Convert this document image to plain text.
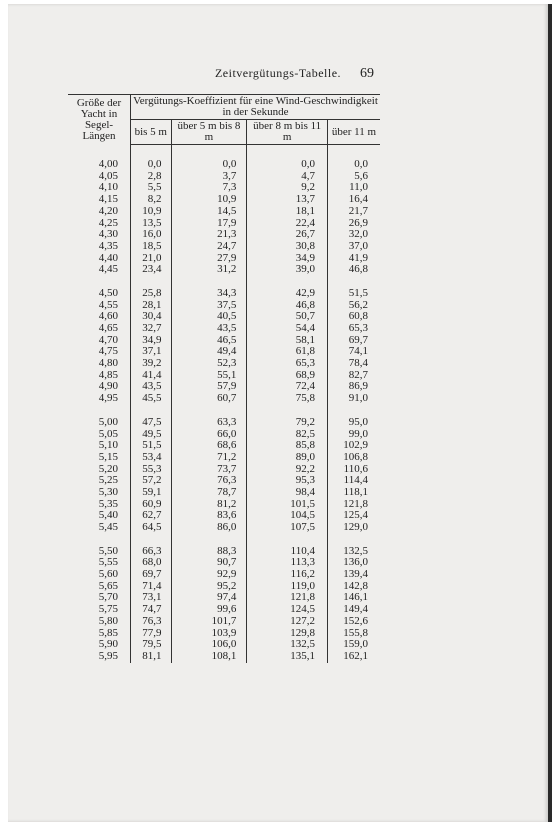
Zeitvergütungs-Tabelle.	69
Größe der Yacht in Segel-Längen	Vergütungs-Koeffizient für eine Wind-Geschwindigkeit in der Sekunde			
	bis 5 m	über 5 m bis 8 m	über 8 m bis 11 m	über 11 m

4,00	0,0	0,0	0,0	0,0
4,05	2,8	3,7	4,7	5,6
4,10	5,5	7,3	9,2	11,0
4,15	8,2	10,9	13,7	16,4
4,20	10,9	14,5	18,1	21,7
4,25	13,5	17,9	22,4	26,9
4,30	16,0	21,3	26,7	32,0
4,35	18,5	24,7	30,8	37,0
4,40	21,0	27,9	34,9	41,9
4,45	23,4	31,2	39,0	46,8

4,50	25,8	34,3	42,9	51,5
4,55	28,1	37,5	46,8	56,2
4,60	30,4	40,5	50,7	60,8
4,65	32,7	43,5	54,4	65,3
4,70	34,9	46,5	58,1	69,7
4,75	37,1	49,4	61,8	74,1
4,80	39,2	52,3	65,3	78,4
4,85	41,4	55,1	68,9	82,7
4,90	43,5	57,9	72,4	86,9
4,95	45,5	60,7	75,8	91,0

5,00	47,5	63,3	79,2	95,0
5,05	49,5	66,0	82,5	99,0
5,10	51,5	68,6	85,8	102,9
5,15	53,4	71,2	89,0	106,8
5,20	55,3	73,7	92,2	110,6
5,25	57,2	76,3	95,3	114,4
5,30	59,1	78,7	98,4	118,1
5,35	60,9	81,2	101,5	121,8
5,40	62,7	83,6	104,5	125,4
5,45	64,5	86,0	107,5	129,0

5,50	66,3	88,3	110,4	132,5
5,55	68,0	90,7	113,3	136,0
5,60	69,7	92,9	116,2	139,4
5,65	71,4	95,2	119,0	142,8
5,70	73,1	97,4	121,8	146,1
5,75	74,7	99,6	124,5	149,4
5,80	76,3	101,7	127,2	152,6
5,85	77,9	103,9	129,8	155,8
5,90	79,5	106,0	132,5	159,0
5,95	81,1	108,1	135,1	162,1
